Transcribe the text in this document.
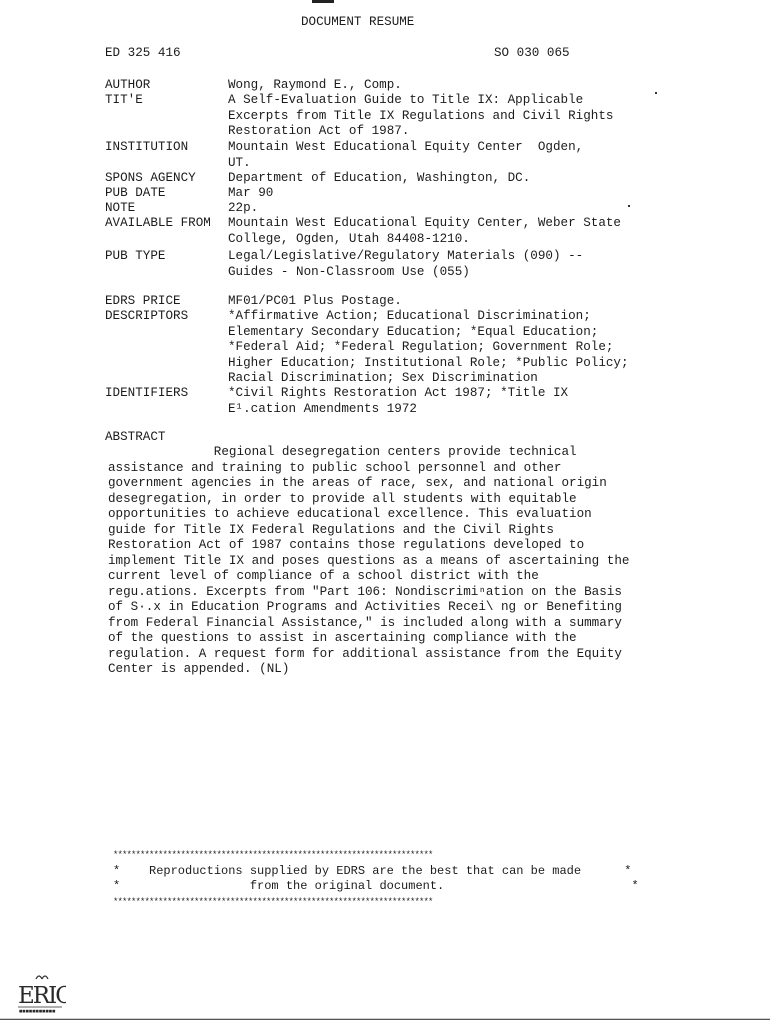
DOCUMENT RESUME
ED 325 416	SO 030 065
AUTHOR	Wong, Raymond E., Comp.
TIT'E	A Self-Evaluation Guide to Title IX: Applicable
Excerpts from Title IX Regulations and Civil Rights
Restoration Act of 1987.
INSTITUTION	Mountain West Educational Equity Center  Ogden,
UT.
SPONS AGENCY	Department of Education, Washington, DC.
PUB DATE	Mar 90
NOTE	22p.
AVAILABLE FROM Mountain West Educational Equity Center, Weber State
College, Ogden, Utah 84408-1210.
PUB TYPE	Legal/Legislative/Regulatory Materials (090) --
Guides - Non-Classroom Use (055)
EDRS PRICE	MF01/PC01 Plus Postage.
DESCRIPTORS	*Affirmative Action; Educational Discrimination;
Elementary Secondary Education; *Equal Education;
*Federal Aid; *Federal Regulation; Government Role;
Higher Education; Institutional Role; *Public Policy;
Racial Discrimination; Sex Discrimination
IDENTIFIERS	*Civil Rights Restoration Act 1987; *Title IX
E¹.cation Amendments 1972
ABSTRACT
Regional desegregation centers provide technical
assistance and training to public school personnel and other
government agencies in the areas of race, sex, and national origin
desegregation, in order to provide all students with equitable
opportunities to achieve educational excellence. This evaluation
guide for Title IX Federal Regulations and the Civil Rights
Restoration Act of 1987 contains those regulations developed to
implement Title IX and poses questions as a means of ascertaining the
current level of compliance of a school district with the
regu.ations. Excerpts from "Part 106: Nondiscrimiⁿation on the Basis
of S·.x in Education Programs and Activities Recei\ ng or Benefiting
from Federal Financial Assistance," is included along with a summary
of the questions to assist in ascertaining compliance with the
regulation. A request form for additional assistance from the Equity
Center is appended. (NL)
***********************************************************************
*    Reproductions supplied by EDRS are the best that can be made      *
*                  from the original document.                          *
***********************************************************************
ERIC
■■■■■■■■■■■
